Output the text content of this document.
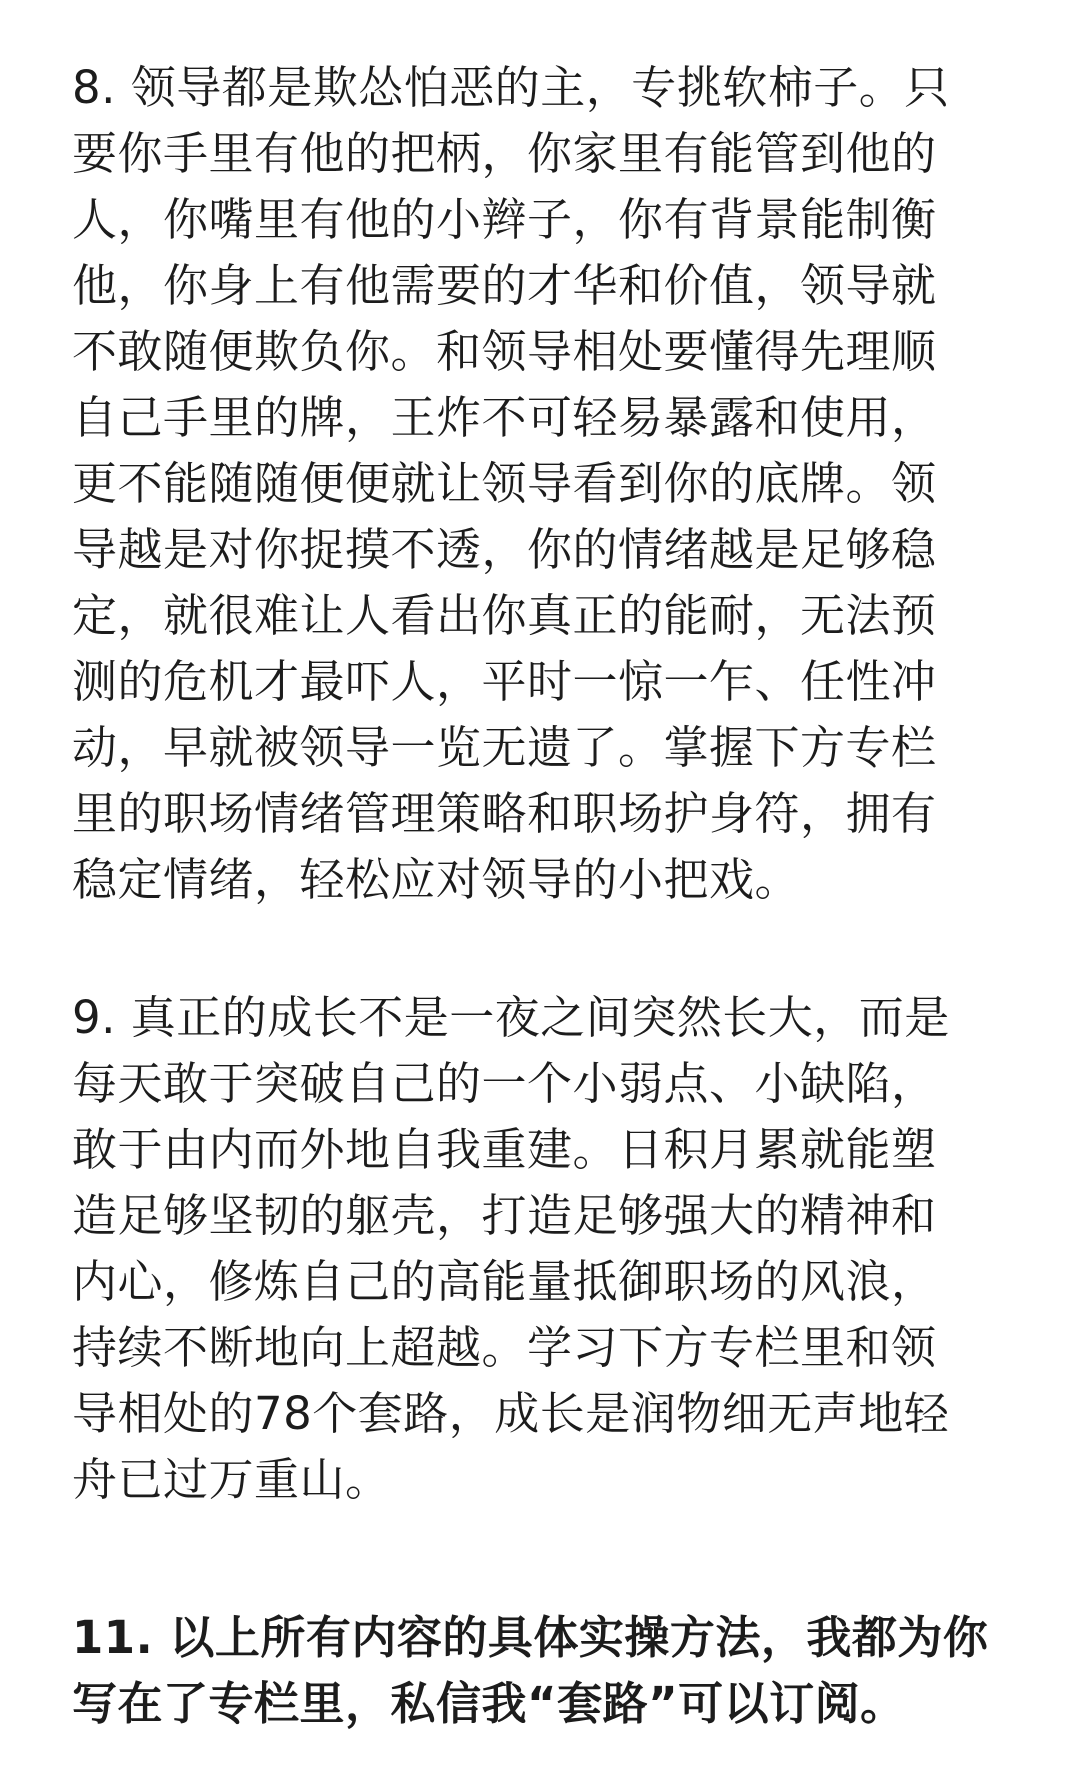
8. 领导都是欺怂怕恶的主，专挑软柿子。只
要你手里有他的把柄，你家里有能管到他的
人，你嘴里有他的小辫子，你有背景能制衡
他，你身上有他需要的才华和价值，领导就
不敢随便欺负你。和领导相处要懂得先理顺
自己手里的牌，王炸不可轻易暴露和使用，
更不能随随便便就让领导看到你的底牌。领
导越是对你捉摸不透，你的情绪越是足够稳
定，就很难让人看出你真正的能耐，无法预
测的危机才最吓人，平时一惊一乍、任性冲
动，早就被领导一览无遗了。掌握下方专栏
里的职场情绪管理策略和职场护身符，拥有
稳定情绪，轻松应对领导的小把戏。
9. 真正的成长不是一夜之间突然长大，而是
每天敢于突破自己的一个小弱点、小缺陷，
敢于由内而外地自我重建。日积月累就能塑
造足够坚韧的躯壳，打造足够强大的精神和
内心，修炼自己的高能量抵御职场的风浪，
持续不断地向上超越。学习下方专栏里和领
导相处的78个套路，成长是润物细无声地轻
舟已过万重山。
11. 以上所有内容的具体实操方法，我都为你
写在了专栏里，私信我“套路”可以订阅。
